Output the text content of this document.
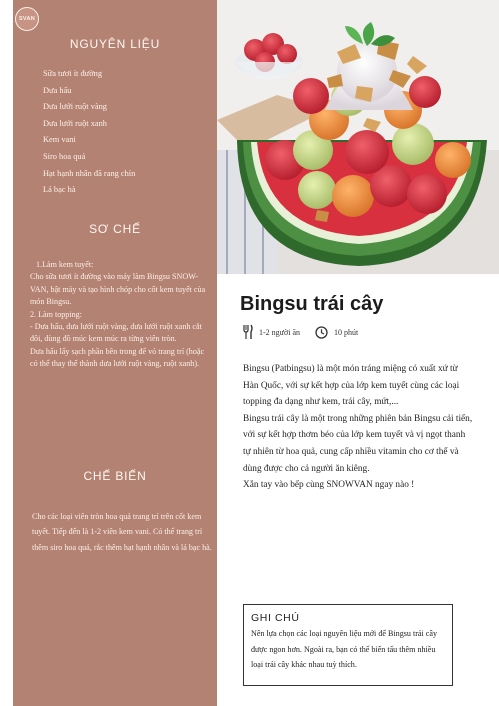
SVAN
NGUYÊN LIỆU
Sữa tươi ít đường
Dưa hấu
Dưa lưới ruột vàng
Dưa lưới ruột xanh
Kem vani
Siro hoa quả
Hạt hạnh nhân đã rang chín
Lá bạc hà
SƠ CHẾ

1.Làm kem tuyết:

Cho sữa tươi ít đường vào máy làm Bingsu SNOW-VAN, bật máy và tạo hình chóp cho cốt kem tuyết của món Bingsu.

2. Làm topping:

- Dưa hấu, dưa lưới ruột vàng, dưa lưới ruột xanh cắt đôi, dùng đồ múc kem múc ra từng viên tròn.

Dưa hấu lấy sạch phần bên trong để vỏ trang trí (hoặc có thể thay thế thành dưa lưới ruột vàng, ruột xanh).

CHẾ BIẾN

Cho các loại viên tròn hoa quả trang trí trên cốt kem tuyết. Tiếp đến là 1-2 viên kem vani. Có thể trang trí thêm siro hoa quả, rắc thêm hạt hạnh nhân và lá bạc hà.

Bingsu trái cây
1-2 người ăn	10 phút

Bingsu (Patbingsu) là một món tráng miệng có xuất xứ từ Hàn Quốc, với sự kết hợp của lớp kem tuyết cùng các loại topping đa dạng như kem, trái cây, mứt,...

Bingsu trái cây là một trong những phiên bản Bingsu cải tiến, với sự kết hợp thơm béo của lớp kem tuyết và vị ngọt thanh tự nhiên từ hoa quả, cung cấp nhiều vitamin cho cơ thể và dùng được cho cả người ăn kiêng.

Xắn tay vào bếp cùng SNOWVAN ngay nào !

GHI CHÚ

Nên lựa chọn các loại nguyên liệu mới để Bingsu trái cây được ngon hơn. Ngoài ra, bạn có thể biến tấu thêm nhiều loại trái cây khác nhau tuỳ thích.
